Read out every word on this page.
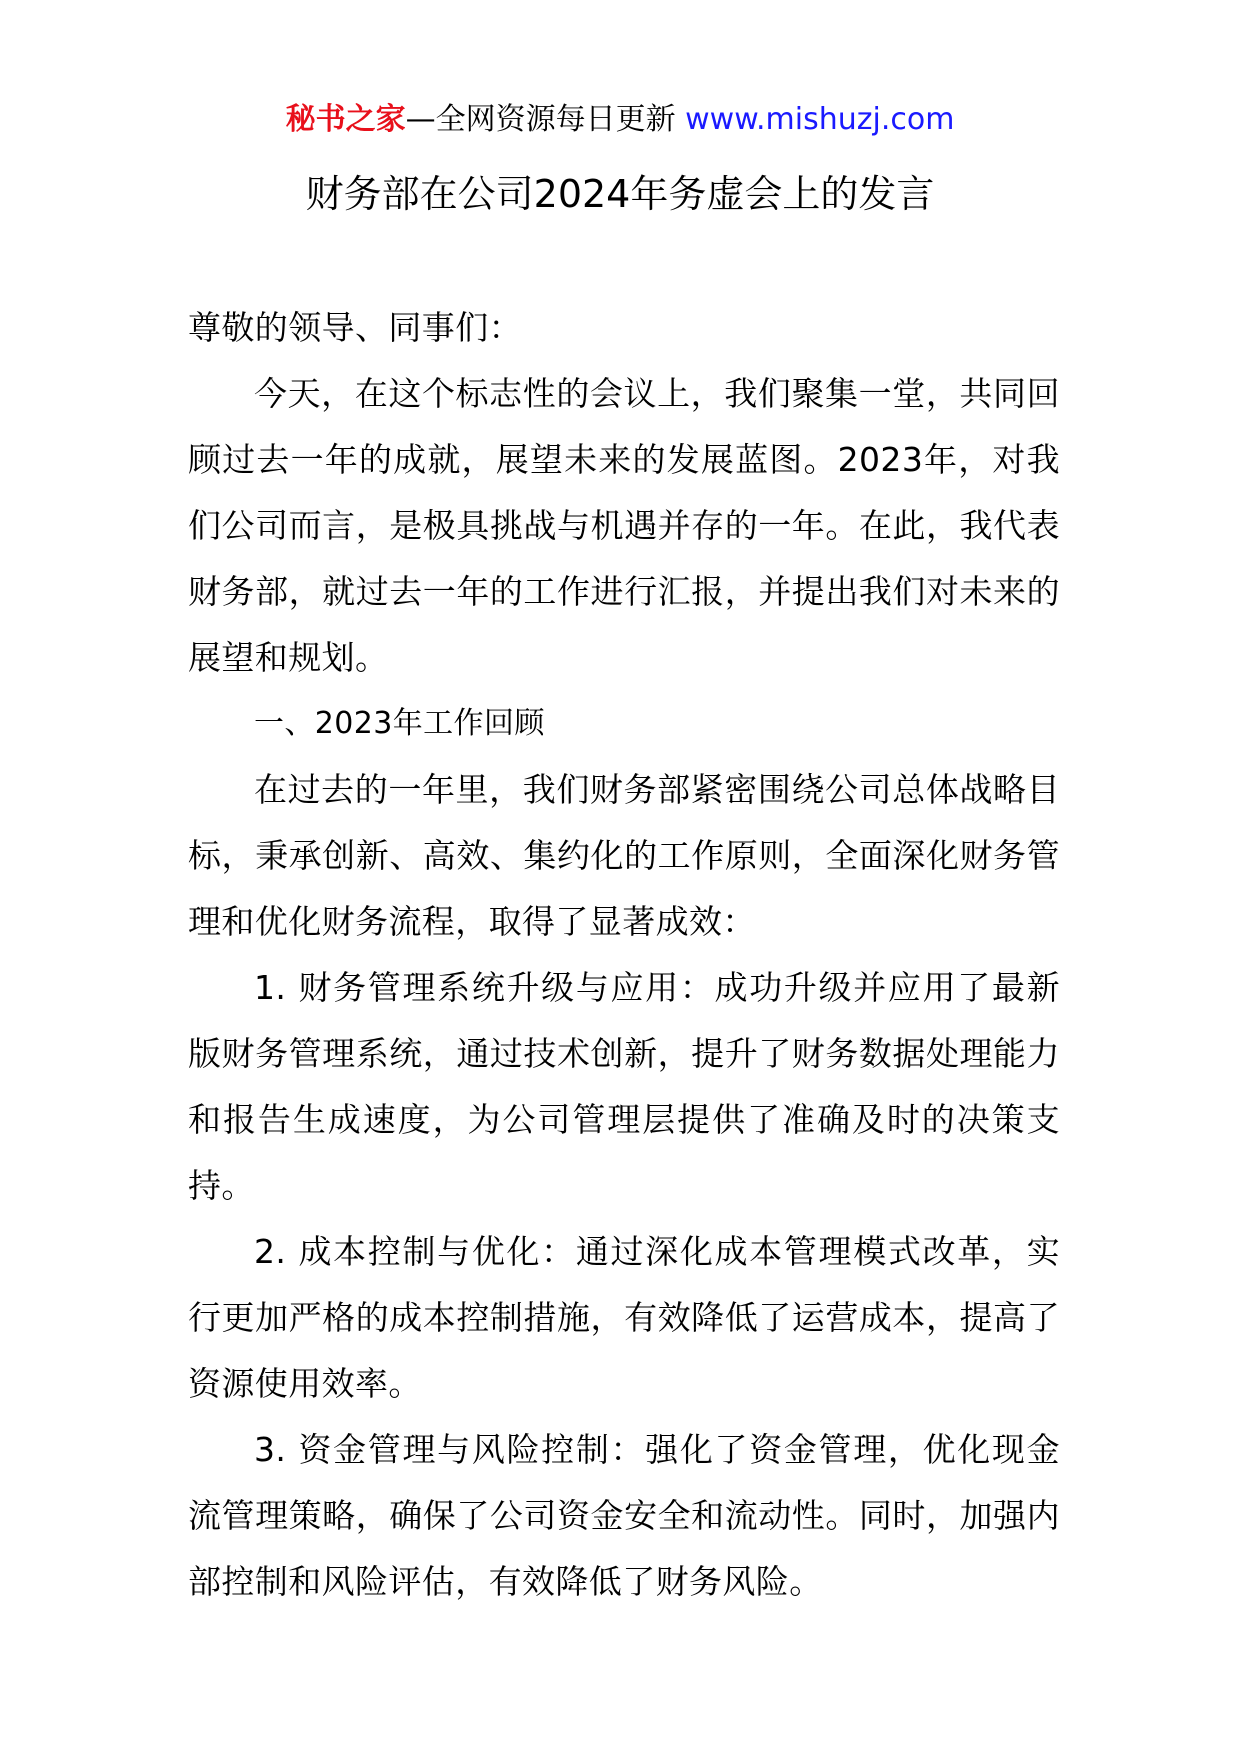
秘书之家—全网资源每日更新 www.mishuzj.com
财务部在公司2024年务虚会上的发言

尊敬的领导、同事们：

今天，在这个标志性的会议上，我们聚集一堂，共同回顾过去一年的成就，展望未来的发展蓝图。2023年，对我们公司而言，是极具挑战与机遇并存的一年。在此，我代表财务部，就过去一年的工作进行汇报，并提出我们对未来的展望和规划。

一、2023年工作回顾

在过去的一年里，我们财务部紧密围绕公司总体战略目标，秉承创新、高效、集约化的工作原则，全面深化财务管理和优化财务流程，取得了显著成效：

1. 财务管理系统升级与应用：成功升级并应用了最新版财务管理系统，通过技术创新，提升了财务数据处理能力和报告生成速度，为公司管理层提供了准确及时的决策支持。

2. 成本控制与优化：通过深化成本管理模式改革，实行更加严格的成本控制措施，有效降低了运营成本，提高了资源使用效率。

3. 资金管理与风险控制：强化了资金管理，优化现金流管理策略，确保了公司资金安全和流动性。同时，加强内部控制和风险评估，有效降低了财务风险。
